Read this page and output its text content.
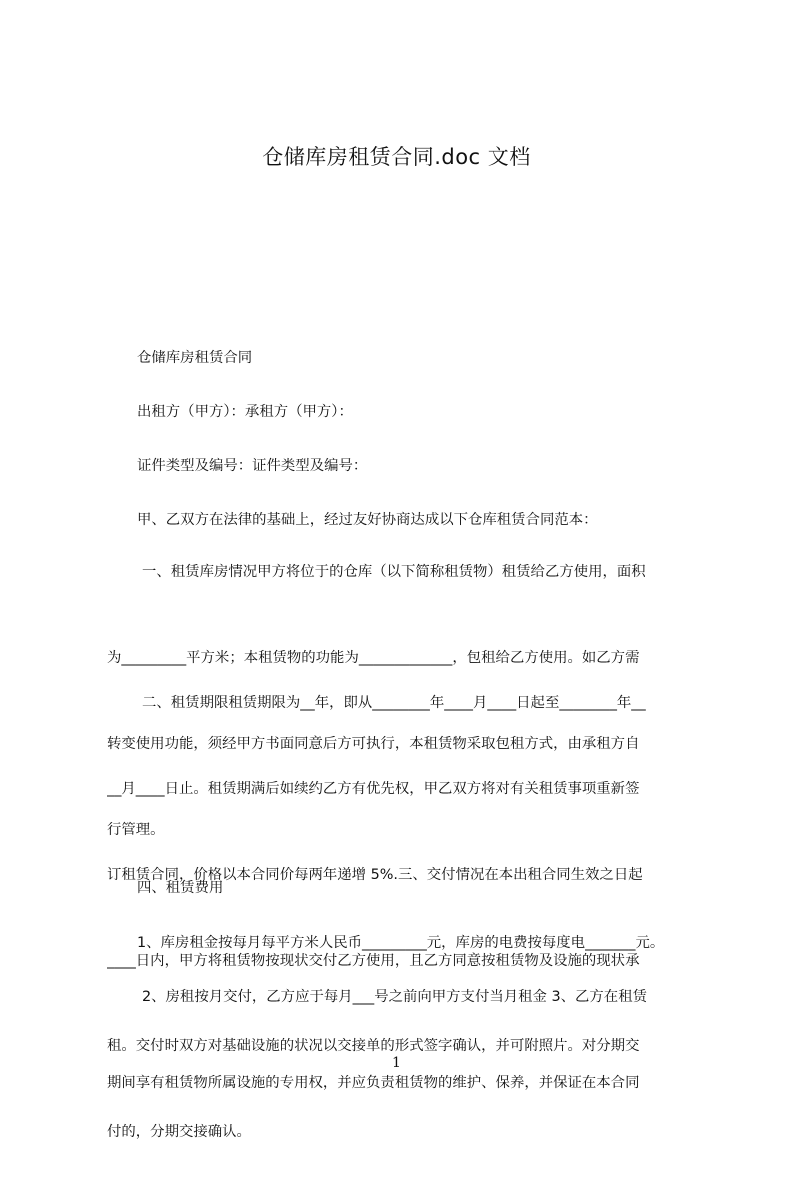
仓储库房租赁合同.doc 文档

仓储库房租赁合同

出租方（甲方）：承租方（甲方）：

证件类型及编号：证件类型及编号：

甲、乙双方在法律的基础上，经过友好协商达成以下仓库租赁合同范本：

一、租赁库房情况甲方将位于的仓库（以下简称租赁物）租赁给乙方使用，面积

为_________平方米；本租赁物的功能为_____________，包租给乙方使用。如乙方需

转变使用功能，须经甲方书面同意后方可执行，本租赁物采取包租方式，由承租方自

行管理。

二、租赁期限租赁期限为__年，即从________年____月____日起至________年__

__月____日止。租赁期满后如续约乙方有优先权，甲乙双方将对有关租赁事项重新签

订租赁合同，价格以本合同价每两年递增 5%.三、交付情况在本出租合同生效之日起

____日内，甲方将租赁物按现状交付乙方使用，且乙方同意按租赁物及设施的现状承

租。交付时双方对基础设施的状况以交接单的形式签字确认，并可附照片。对分期交

付的，分期交接确认。

四、租赁费用

1、库房租金按每月每平方米人民币_________元，库房的电费按每度电_______元。

2、房租按月交付，乙方应于每月___号之前向甲方支付当月租金 3、乙方在租赁

期间享有租赁物所属设施的专用权，并应负责租赁物的维护、保养，并保证在本合同

1
